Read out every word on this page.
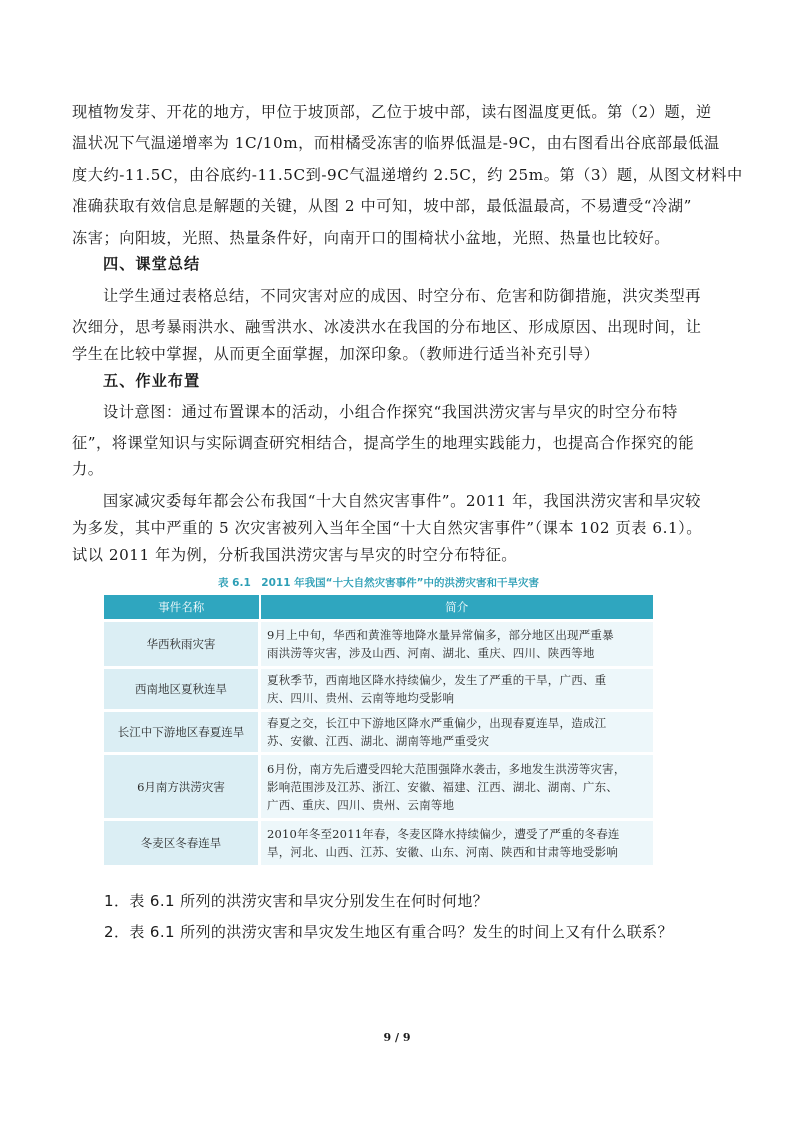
现植物发芽、开花的地方，甲位于坡顶部，乙位于坡中部，读右图温度更低。第（2）题，逆
温状况下气温递增率为 1C/10m，而柑橘受冻害的临界低温是-9C，由右图看出谷底部最低温
度大约-11.5C，由谷底约-11.5C到-9C气温递增约 2.5C，约 25m。第（3）题，从图文材料中
准确获取有效信息是解题的关键，从图 2 中可知，坡中部，最低温最高，不易遭受“冷湖”
冻害；向阳坡，光照、热量条件好，向南开口的围椅状小盆地，光照、热量也比较好。
四、课堂总结
让学生通过表格总结，不同灾害对应的成因、时空分布、危害和防御措施，洪灾类型再
次细分，思考暴雨洪水、融雪洪水、冰凌洪水在我国的分布地区、形成原因、出现时间，让
学生在比较中掌握，从而更全面掌握，加深印象。（教师进行适当补充引导）
五、作业布置
设计意图：通过布置课本的活动，小组合作探究“我国洪涝灾害与旱灾的时空分布特
征”，将课堂知识与实际调查研究相结合，提高学生的地理实践能力，也提高合作探究的能
力。
国家减灾委每年都会公布我国“十大自然灾害事件”。2011 年，我国洪涝灾害和旱灾较
为多发，其中严重的 5 次灾害被列入当年全国“十大自然灾害事件”（课本 102 页表 6.1）。
试以 2011 年为例，分析我国洪涝灾害与旱灾的时空分布特征。
表 6.1　2011 年我国“十大自然灾害事件”中的洪涝灾害和干旱灾害
事件名称	简介
华西秋雨灾害	9月上中旬，华西和黄淮等地降水量异常偏多，部分地区出现严重暴
雨洪涝等灾害，涉及山西、河南、湖北、重庆、四川、陕西等地

西南地区夏秋连旱	夏秋季节，西南地区降水持续偏少，发生了严重的干旱，广西、重
庆、四川、贵州、云南等地均受影响

长江中下游地区春夏连旱	春夏之交，长江中下游地区降水严重偏少，出现春夏连旱，造成江
苏、安徽、江西、湖北、湖南等地严重受灾

6月南方洪涝灾害	6月份，南方先后遭受四轮大范围强降水袭击，多地发生洪涝等灾害，
影响范围涉及江苏、浙江、安徽、福建、江西、湖北、湖南、广东、
广西、重庆、四川、贵州、云南等地

冬麦区冬春连旱	2010年冬至2011年春，冬麦区降水持续偏少，遭受了严重的冬春连
旱，河北、山西、江苏、安徽、山东、河南、陕西和甘肃等地受影响
1．表 6.1 所列的洪涝灾害和旱灾分别发生在何时何地？
2．表 6.1 所列的洪涝灾害和旱灾发生地区有重合吗？发生的时间上又有什么联系？
9 / 9
